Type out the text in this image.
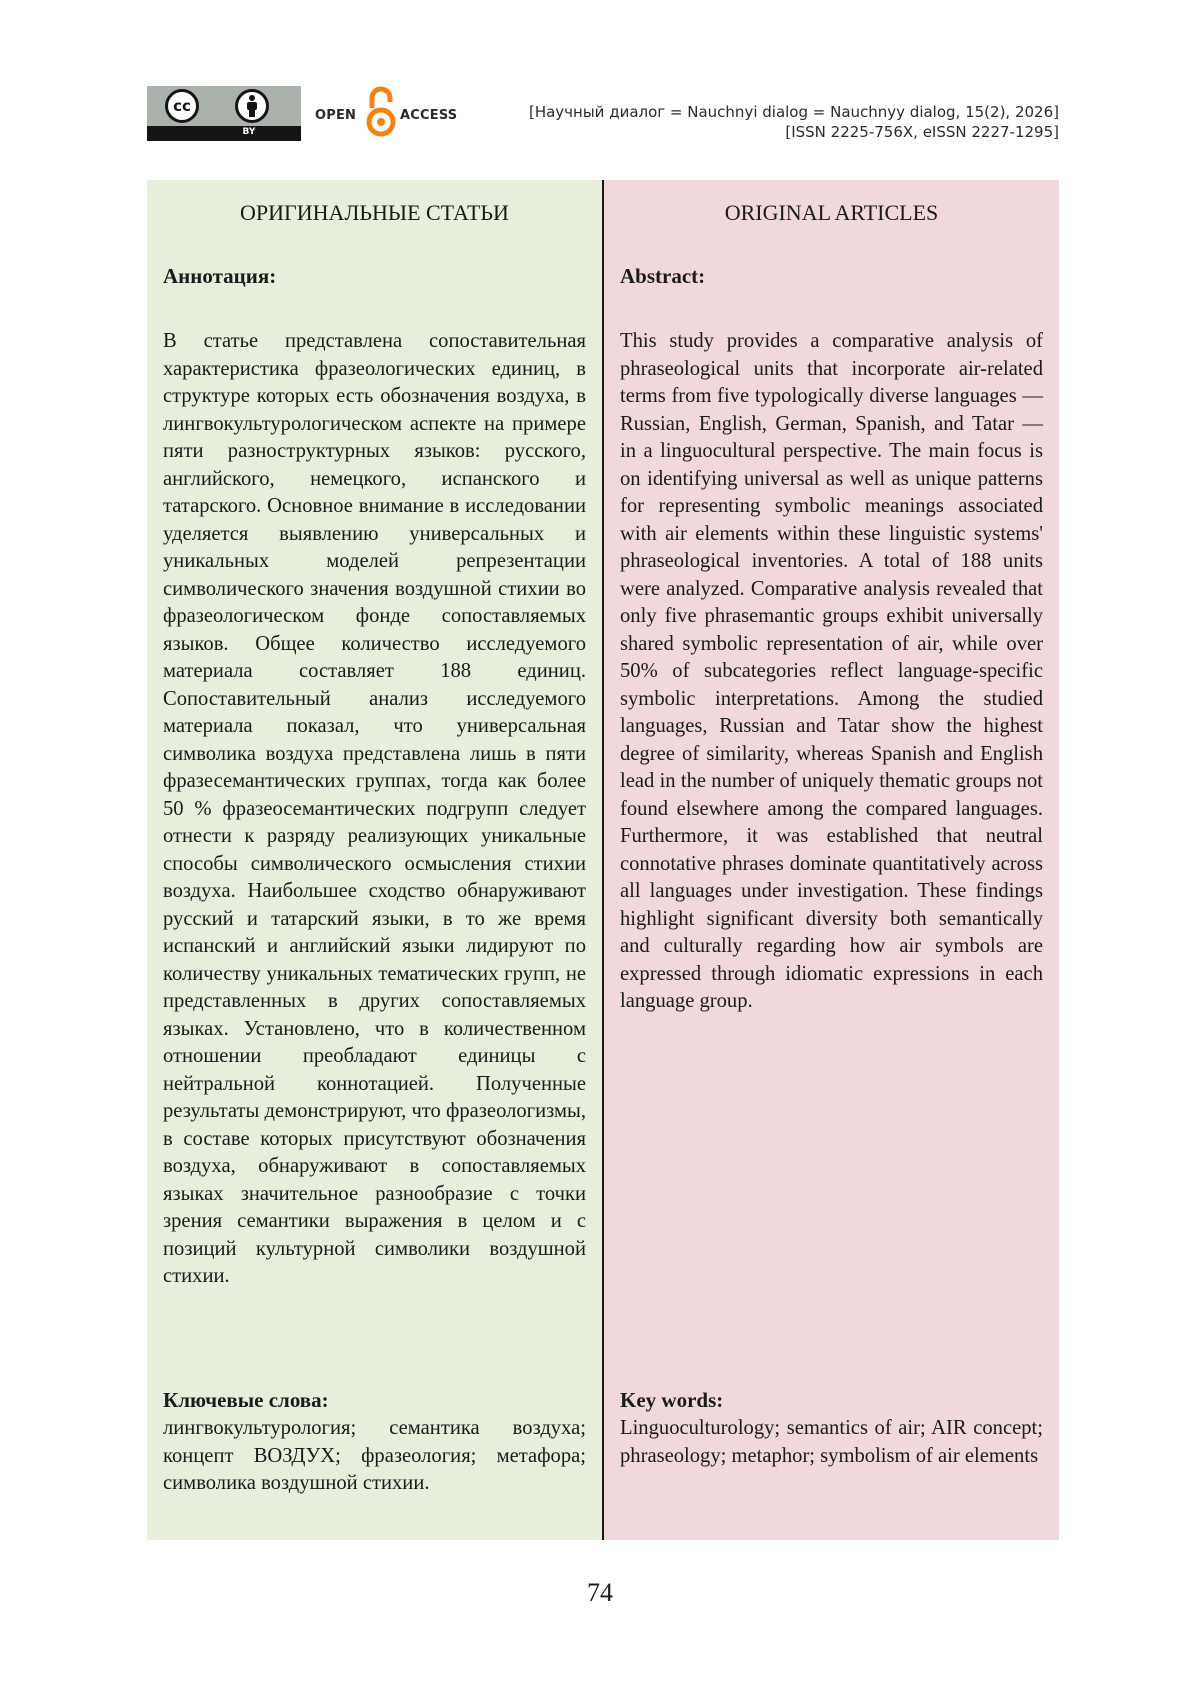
cc
BY
OPEN	ACCESS	[Научный диалог = Nauchnyi dialog = Nauchnyy dialog, 15(2), 2026]
[ISSN 2225-756X, eISSN 2227-1295]
ОРИГИНАЛЬНЫЕ СТАТЬИ
Аннотация:
В статье представлена сопоставительная характеристика фразеологических единиц, в структуре которых есть обозначения воздуха, в лингвокультурологическом аспекте на примере пяти разноструктурных языков: русского, английского, немецкого, испанского и татарского. Основное внимание в исследовании уделяется выявлению универсальных и уникальных моделей репрезентации символического значения воздушной стихии во фразеологическом фонде сопоставляемых языков. Общее количество исследуемого материала составляет 188 единиц. Сопоставительный анализ исследуемого материала показал, что универсальная символика воздуха представлена лишь в пяти фразесемантических группах, тогда как более 50 % фразеосемантических подгрупп следует отнести к разряду реализующих уникальные способы символического осмысления стихии воздуха. Наибольшее сходство обнаруживают русский и татарский языки, в то же время испанский и английский языки лидируют по количеству уникальных тематических групп, не представленных в других сопоставляемых языках. Установлено, что в количественном отношении преобладают единицы с нейтральной коннотацией. Полученные результаты демонстрируют, что фразеологизмы, в составе которых присутствуют обозначения воздуха, обнаруживают в сопоставляемых языках значительное разнообразие с точки зрения семантики выражения в целом и с позиций культурной символики воздушной стихии.
Ключевые слова:
лингвокультурология; семантика воздуха; концепт ВОЗДУХ; фразеология; метафора; символика воздушной стихии.
ORIGINAL ARTICLES
Abstract:
This study provides a comparative analysis of phraseological units that incorporate air-related terms from five typologically diverse languages — Russian, English, German, Spanish, and Tatar — in a linguocultural perspective. The main focus is on identifying universal as well as unique patterns for representing symbolic meanings associated with air elements within these linguistic systems' phraseological inventories. A total of 188 units were analyzed. Comparative analysis revealed that only five phrasemantic groups exhibit universally shared symbolic representation of air, while over 50% of subcategories reflect language-specific symbolic interpretations. Among the studied languages, Russian and Tatar show the highest degree of similarity, whereas Spanish and English lead in the number of uniquely thematic groups not found elsewhere among the compared languages. Furthermore, it was established that neutral connotative phrases dominate quantitatively across all languages under investigation. These findings highlight significant diversity both semantically and culturally regarding how air symbols are expressed through idiomatic expressions in each language group.
Key words:
Linguoculturology; semantics of air; AIR concept; phraseology; metaphor; symbolism of air elements
74
